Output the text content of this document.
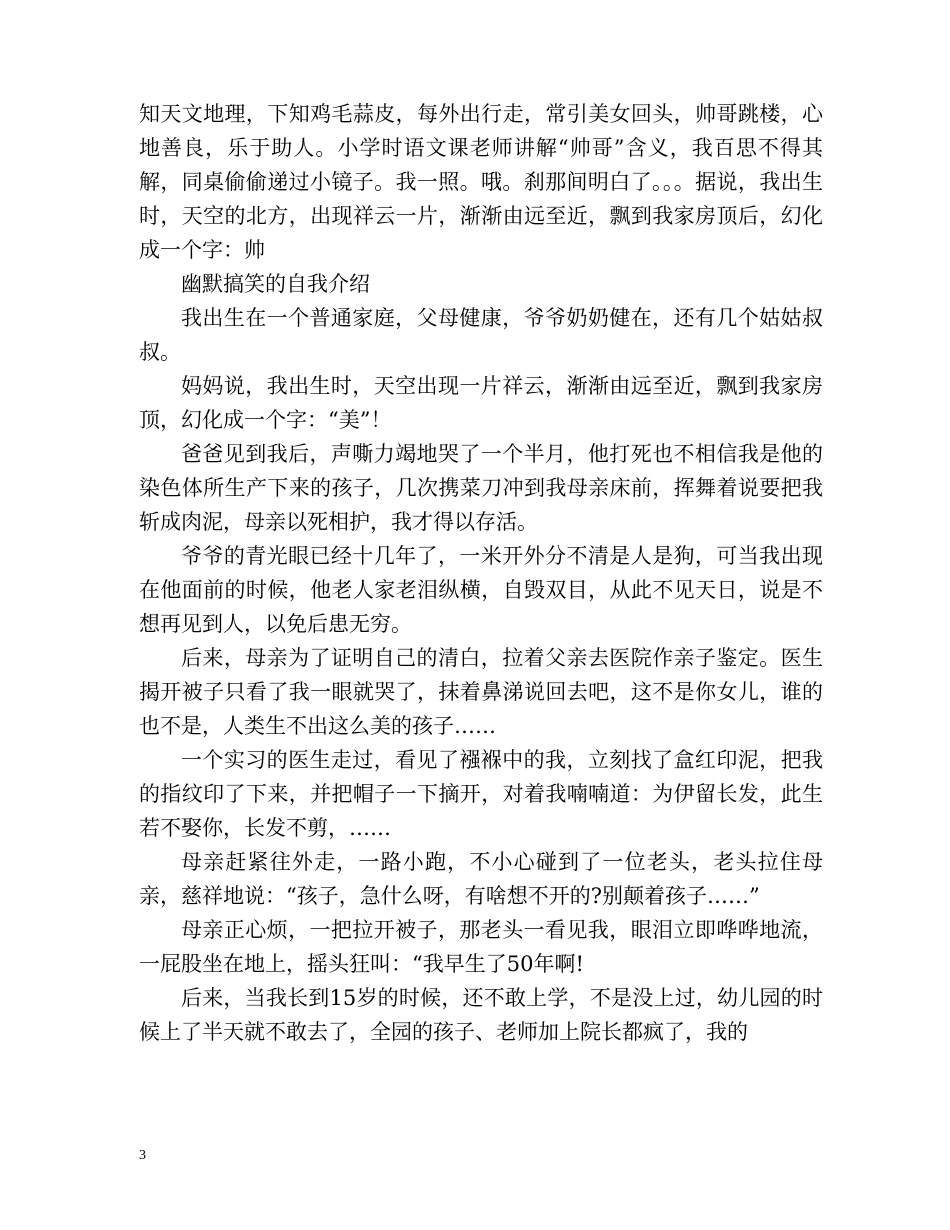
知天文地理，下知鸡毛蒜皮，每外出行走，常引美女回头，帅哥跳楼，心地善良，乐于助人。小学时语文课老师讲解“帅哥”含义，我百思不得其解，同桌偷偷递过小镜子。我一照。哦。刹那间明白了。。。据说，我出生时，天空的北方，出现祥云一片，渐渐由远至近，飘到我家房顶后，幻化成一个字：帅

幽默搞笑的自我介绍

我出生在一个普通家庭，父母健康，爷爷奶奶健在，还有几个姑姑叔叔。

妈妈说，我出生时，天空出现一片祥云，渐渐由远至近，飘到我家房顶，幻化成一个字：“美”！

爸爸见到我后，声嘶力竭地哭了一个半月，他打死也不相信我是他的染色体所生产下来的孩子，几次携菜刀冲到我母亲床前，挥舞着说要把我斩成肉泥，母亲以死相护，我才得以存活。

爷爷的青光眼已经十几年了，一米开外分不清是人是狗，可当我出现在他面前的时候，他老人家老泪纵横，自毁双目，从此不见天日，说是不想再见到人，以免后患无穷。

后来，母亲为了证明自己的清白，拉着父亲去医院作亲子鉴定。医生揭开被子只看了我一眼就哭了，抹着鼻涕说回去吧，这不是你女儿，谁的也不是，人类生不出这么美的孩子……

一个实习的医生走过，看见了襁褓中的我，立刻找了盒红印泥，把我的指纹印了下来，并把帽子一下摘开，对着我喃喃道：为伊留长发，此生若不娶你，长发不剪，……

母亲赶紧往外走，一路小跑，不小心碰到了一位老头，老头拉住母亲，慈祥地说：“孩子，急什么呀，有啥想不开的?别颠着孩子……”

母亲正心烦，一把拉开被子，那老头一看见我，眼泪立即哗哗地流，一屁股坐在地上，摇头狂叫：“我早生了50年啊!

后来，当我长到15岁的时候，还不敢上学，不是没上过，幼儿园的时候上了半天就不敢去了，全园的孩子、老师加上院长都疯了，我的

3
